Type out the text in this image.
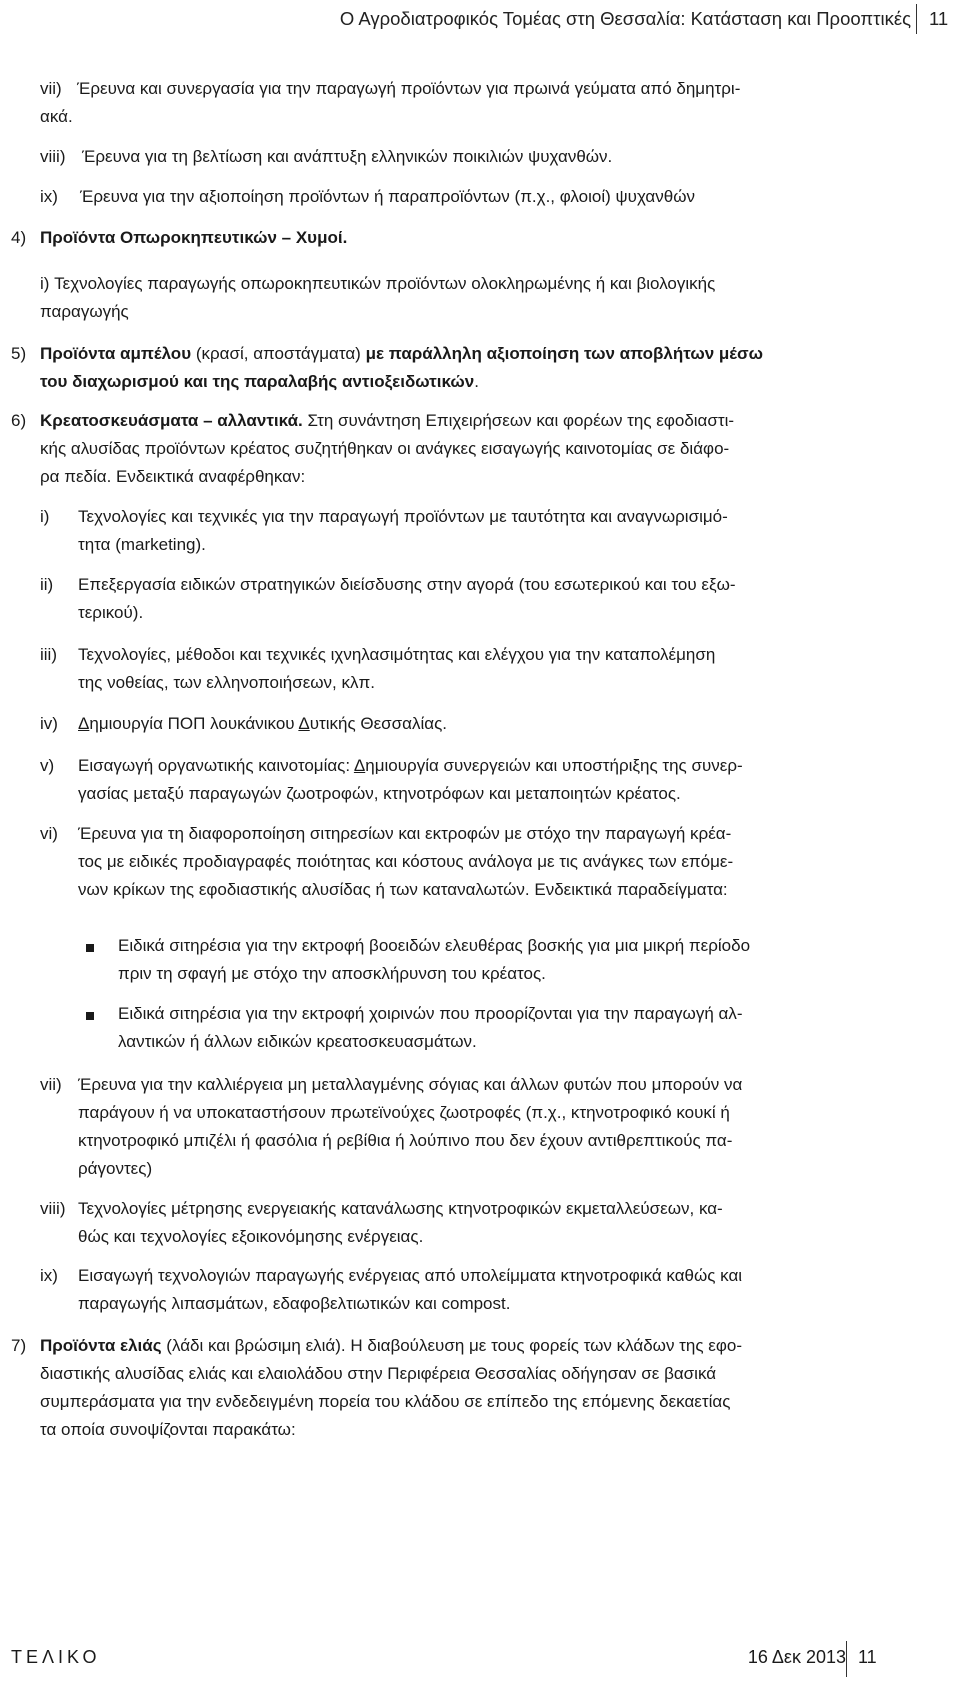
Ο Αγροδιατροφικός Τομέας στη Θεσσαλία: Κατάσταση και Προοπτικές 11
vii) Έρευνα και συνεργασία για την παραγωγή προϊόντων για πρωινά γεύματα από δημητρι-
ακά.
viii) Έρευνα για τη βελτίωση και ανάπτυξη ελληνικών ποικιλιών ψυχανθών.
ix) Έρευνα για την αξιοποίηση προϊόντων ή παραπροϊόντων (π.χ., φλοιοί) ψυχανθών
4) Προϊόντα Οπωροκηπευτικών – Χυμοί.
i) Τεχνολογίες παραγωγής οπωροκηπευτικών προϊόντων ολοκληρωμένης ή και βιολογικής
παραγωγής
5) Προϊόντα αμπέλου (κρασί, αποστάγματα) με παράλληλη αξιοποίηση των αποβλήτων μέσω
του διαχωρισμού και της παραλαβής αντιοξειδωτικών.
6) Κρεατοσκευάσματα – αλλαντικά. Στη συνάντηση Επιχειρήσεων και φορέων της εφοδιαστι-
κής αλυσίδας προϊόντων κρέατος συζητήθηκαν οι ανάγκες εισαγωγής καινοτομίας σε διάφο-
ρα πεδία. Ενδεικτικά αναφέρθηκαν:
i) Τεχνολογίες και τεχνικές για την παραγωγή προϊόντων με ταυτότητα και αναγνωρισιμό-
τητα (marketing).
ii) Επεξεργασία ειδικών στρατηγικών διείσδυσης στην αγορά (του εσωτερικού και του εξω-
τερικού).
iii) Τεχνολογίες, μέθοδοι και τεχνικές ιχνηλασιμότητας και ελέγχου για την καταπολέμηση
της νοθείας, των ελληνοποιήσεων, κλπ.
iv) Δημιουργία ΠΟΠ λουκάνικου Δυτικής Θεσσαλίας.
v) Εισαγωγή οργανωτικής καινοτομίας: Δημιουργία συνεργειών και υποστήριξης της συνερ-
γασίας μεταξύ παραγωγών ζωοτροφών, κτηνοτρόφων και μεταποιητών κρέατος.
vi) Έρευνα για τη διαφοροποίηση σιτηρεσίων και εκτροφών με στόχο την παραγωγή κρέα-
τος με ειδικές προδιαγραφές ποιότητας και κόστους ανάλογα με τις ανάγκες των επόμε-
νων κρίκων της εφοδιαστικής αλυσίδας ή των καταναλωτών. Ενδεικτικά παραδείγματα:
Ειδικά σιτηρέσια για την εκτροφή βοοειδών ελευθέρας βοσκής για μια μικρή περίοδο
πριν τη σφαγή με στόχο την αποσκλήρυνση του κρέατος.
Ειδικά σιτηρέσια για την εκτροφή χοιρινών που προορίζονται για την παραγωγή αλ-
λαντικών ή άλλων ειδικών κρεατοσκευασμάτων.
vii) Έρευνα για την καλλιέργεια μη μεταλλαγμένης σόγιας και άλλων φυτών που μπορούν να
παράγουν ή να υποκαταστήσουν πρωτεϊνούχες ζωοτροφές (π.χ., κτηνοτροφικό κουκί ή
κτηνοτροφικό μπιζέλι ή φασόλια ή ρεβίθια ή λούπινο που δεν έχουν αντιθρεπτικούς πα-
ράγοντες)
viii) Τεχνολογίες μέτρησης ενεργειακής κατανάλωσης κτηνοτροφικών εκμεταλλεύσεων, κα-
θώς και τεχνολογίες εξοικονόμησης ενέργειας.
ix) Εισαγωγή τεχνολογιών παραγωγής ενέργειας από υπολείμματα κτηνοτροφικά καθώς και
παραγωγής λιπασμάτων, εδαφοβελτιωτικών και compost.
7) Προϊόντα ελιάς (λάδι και βρώσιμη ελιά). Η διαβούλευση με τους φορείς των κλάδων της εφο-
διαστικής αλυσίδας ελιάς και ελαιολάδου στην Περιφέρεια Θεσσαλίας οδήγησαν σε βασικά
συμπεράσματα για την ενδεδειγμένη πορεία του κλάδου σε επίπεδο της επόμενης δεκαετίας
τα οποία συνοψίζονται παρακάτω:
ΤΕΛΙΚΟ	16 Δεκ 2013 11
